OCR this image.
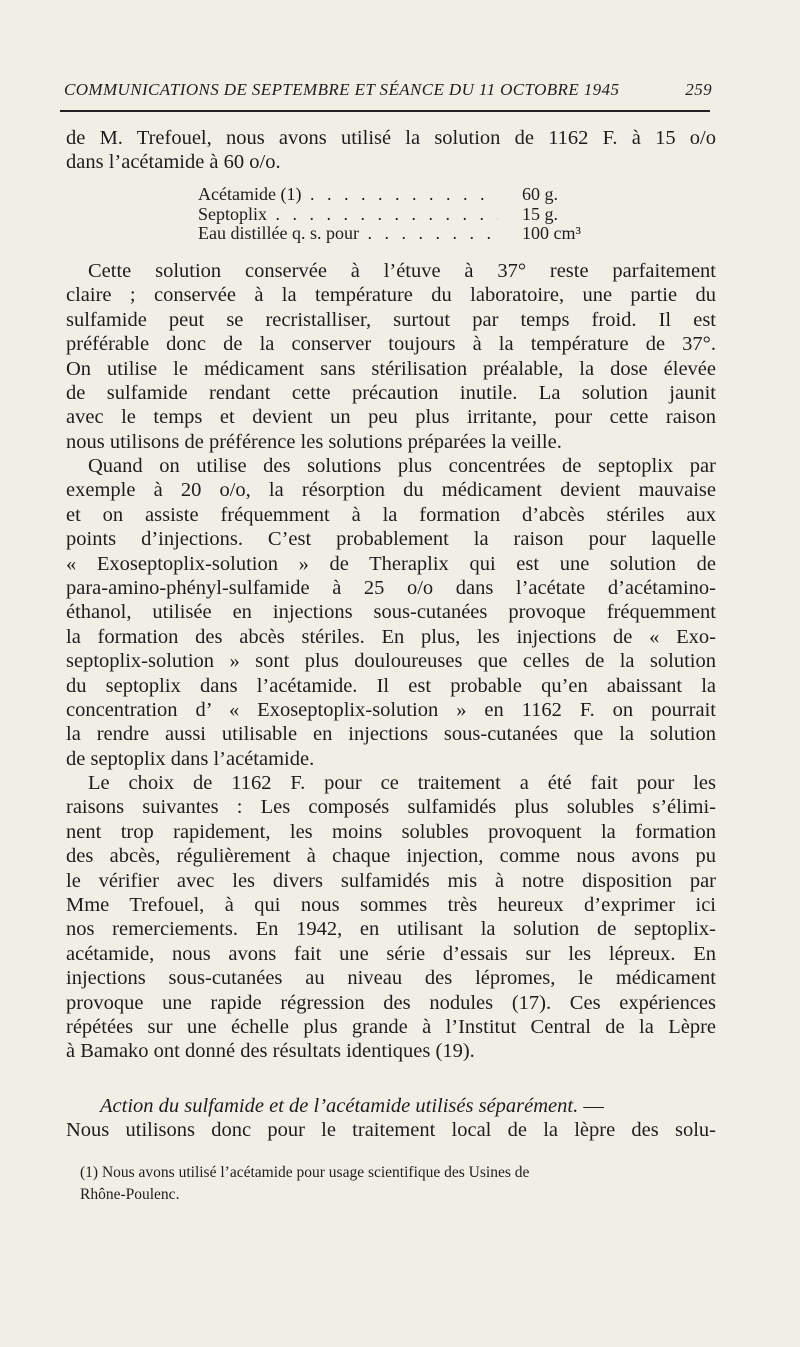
COMMUNICATIONS DE SEPTEMBRE ET SÉANCE DU 11 OCTOBRE 1945	259
de M. Trefouel, nous avons utilisé la solution de 1162 F. à 15 o/o
dans l’acétamide à 60 o/o.
Acétamide (1) . . .	60 g.
Septoplix . . .	15 g.
Eau distillée q. s. pour . . .	100 cm³
Cette solution conservée à l’étuve à 37° reste parfaitement
claire ; conservée à la température du laboratoire, une partie du
sulfamide peut se recristalliser, surtout par temps froid. Il est
préférable donc de la conserver toujours à la température de 37°.
On utilise le médicament sans stérilisation préalable, la dose élevée
de sulfamide rendant cette précaution inutile. La solution jaunit
avec le temps et devient un peu plus irritante, pour cette raison
nous utilisons de préférence les solutions préparées la veille.
Quand on utilise des solutions plus concentrées de septoplix par
exemple à 20 o/o, la résorption du médicament devient mauvaise
et on assiste fréquemment à la formation d’abcès stériles aux
points d’injections. C’est probablement la raison pour laquelle
« Exoseptoplix-solution » de Theraplix qui est une solution de
para-amino-phényl-sulfamide à 25 o/o dans l’acétate d’acétamino-
éthanol, utilisée en injections sous-cutanées provoque fréquemment
la formation des abcès stériles. En plus, les injections de « Exo-
septoplix-solution » sont plus douloureuses que celles de la solution
du septoplix dans l’acétamide. Il est probable qu’en abaissant la
concentration d’ « Exoseptoplix-solution » en 1162 F. on pourrait
la rendre aussi utilisable en injections sous-cutanées que la solution
de septoplix dans l’acétamide.
Le choix de 1162 F. pour ce traitement a été fait pour les
raisons suivantes : Les composés sulfamidés plus solubles s’élimi-
nent trop rapidement, les moins solubles provoquent la formation
des abcès, régulièrement à chaque injection, comme nous avons pu
le vérifier avec les divers sulfamidés mis à notre disposition par
Mme Trefouel, à qui nous sommes très heureux d’exprimer ici
nos remerciements. En 1942, en utilisant la solution de septoplix-
acétamide, nous avons fait une série d’essais sur les lépreux. En
injections sous-cutanées au niveau des lépromes, le médicament
provoque une rapide régression des nodules (17). Ces expériences
répétées sur une échelle plus grande à l’Institut Central de la Lèpre
à Bamako ont donné des résultats identiques (19).
Action du sulfamide et de l’acétamide utilisés séparément. —
Nous utilisons donc pour le traitement local de la lèpre des solu-
(1) Nous avons utilisé l’acétamide pour usage scientifique des Usines de
Rhône-Poulenc.
